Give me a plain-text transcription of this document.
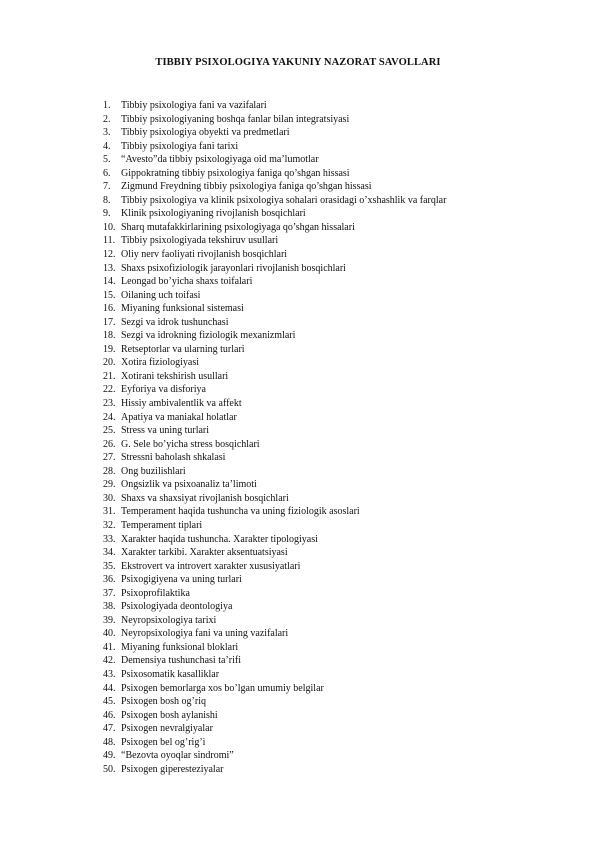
TIBBIY PSIXOLOGIYA YAKUNIY NAZORAT SAVOLLARI
1.	Tibbiy psixologiya fani va vazifalari
2.	Tibbiy psixologiyaning boshqa fanlar bilan integratsiyasi
3.	Tibbiy psixologiya obyekti va predmetlari
4.	Tibbiy psixologiya fani tarixi
5.	“Avesto”da tibbiy psixologiyaga oid ma’lumotlar
6.	Gippokratning tibbiy psixologiya faniga qo’shgan hissasi
7.	Zigmund Freydning tibbiy psixologiya faniga qo’shgan hissasi
8.	Tibbiy psixologiya va klinik psixologiya sohalari orasidagi o’xshashlik va farqlar
9.	Klinik psixologiyaning rivojlanish bosqichlari
10. Sharq mutafakkirlarining psixologiyaga qo’shgan hissalari
11. Tibbiy psixologiyada tekshiruv usullari
12. Oliy nerv faoliyati rivojlanish bosqichlari
13. Shaxs psixofiziologik jarayonlari rivojlanish bosqichlari
14. Leongad bo’yicha shaxs toifalari
15. Oilaning uch toifasi
16. Miyaning funksional sistemasi
17. Sezgi va idrok tushunchasi
18. Sezgi va idrokning fiziologik mexanizmlari
19. Retseptorlar va ularning turlari
20. Xotira fiziologiyasi
21. Xotirani tekshirish usullari
22. Eyforiya va disforiya
23. Hissiy ambivalentlik va affekt
24. Apatiya va maniakal holatlar
25. Stress va uning turlari
26. G. Sele bo’yicha stress bosqichlari
27. Stressni baholash shkalasi
28. Ong buzilishlari
29. Ongsizlik va psixoanaliz ta’limoti
30. Shaxs va shaxsiyat rivojlanish bosqichlari
31. Temperament haqida tushuncha va uning fiziologik asoslari
32. Temperament tiplari
33. Xarakter haqida tushuncha. Xarakter tipologiyasi
34. Xarakter tarkibi. Xarakter aksentuatsiyasi
35. Ekstrovert va introvert xarakter xususiyatlari
36. Psixogigiyena va uning turlari
37. Psixoprofilaktika
38. Psixologiyada deontologiya
39. Neyropsixologiya tarixi
40. Neyropsixologiya fani va uning vazifalari
41. Miyaning funksional bloklari
42. Demensiya tushunchasi ta’rifi
43. Psixosomatik kasalliklar
44. Psixogen bemorlarga xos bo’lgan umumiy belgilar
45. Psixogen bosh og’riq
46. Psixogen bosh aylanishi
47. Psixogen nevralgiyalar
48. Psixogen bel og’rig’i
49. “Bezovta oyoqlar sindromi”
50. Psixogen giperesteziyalar
